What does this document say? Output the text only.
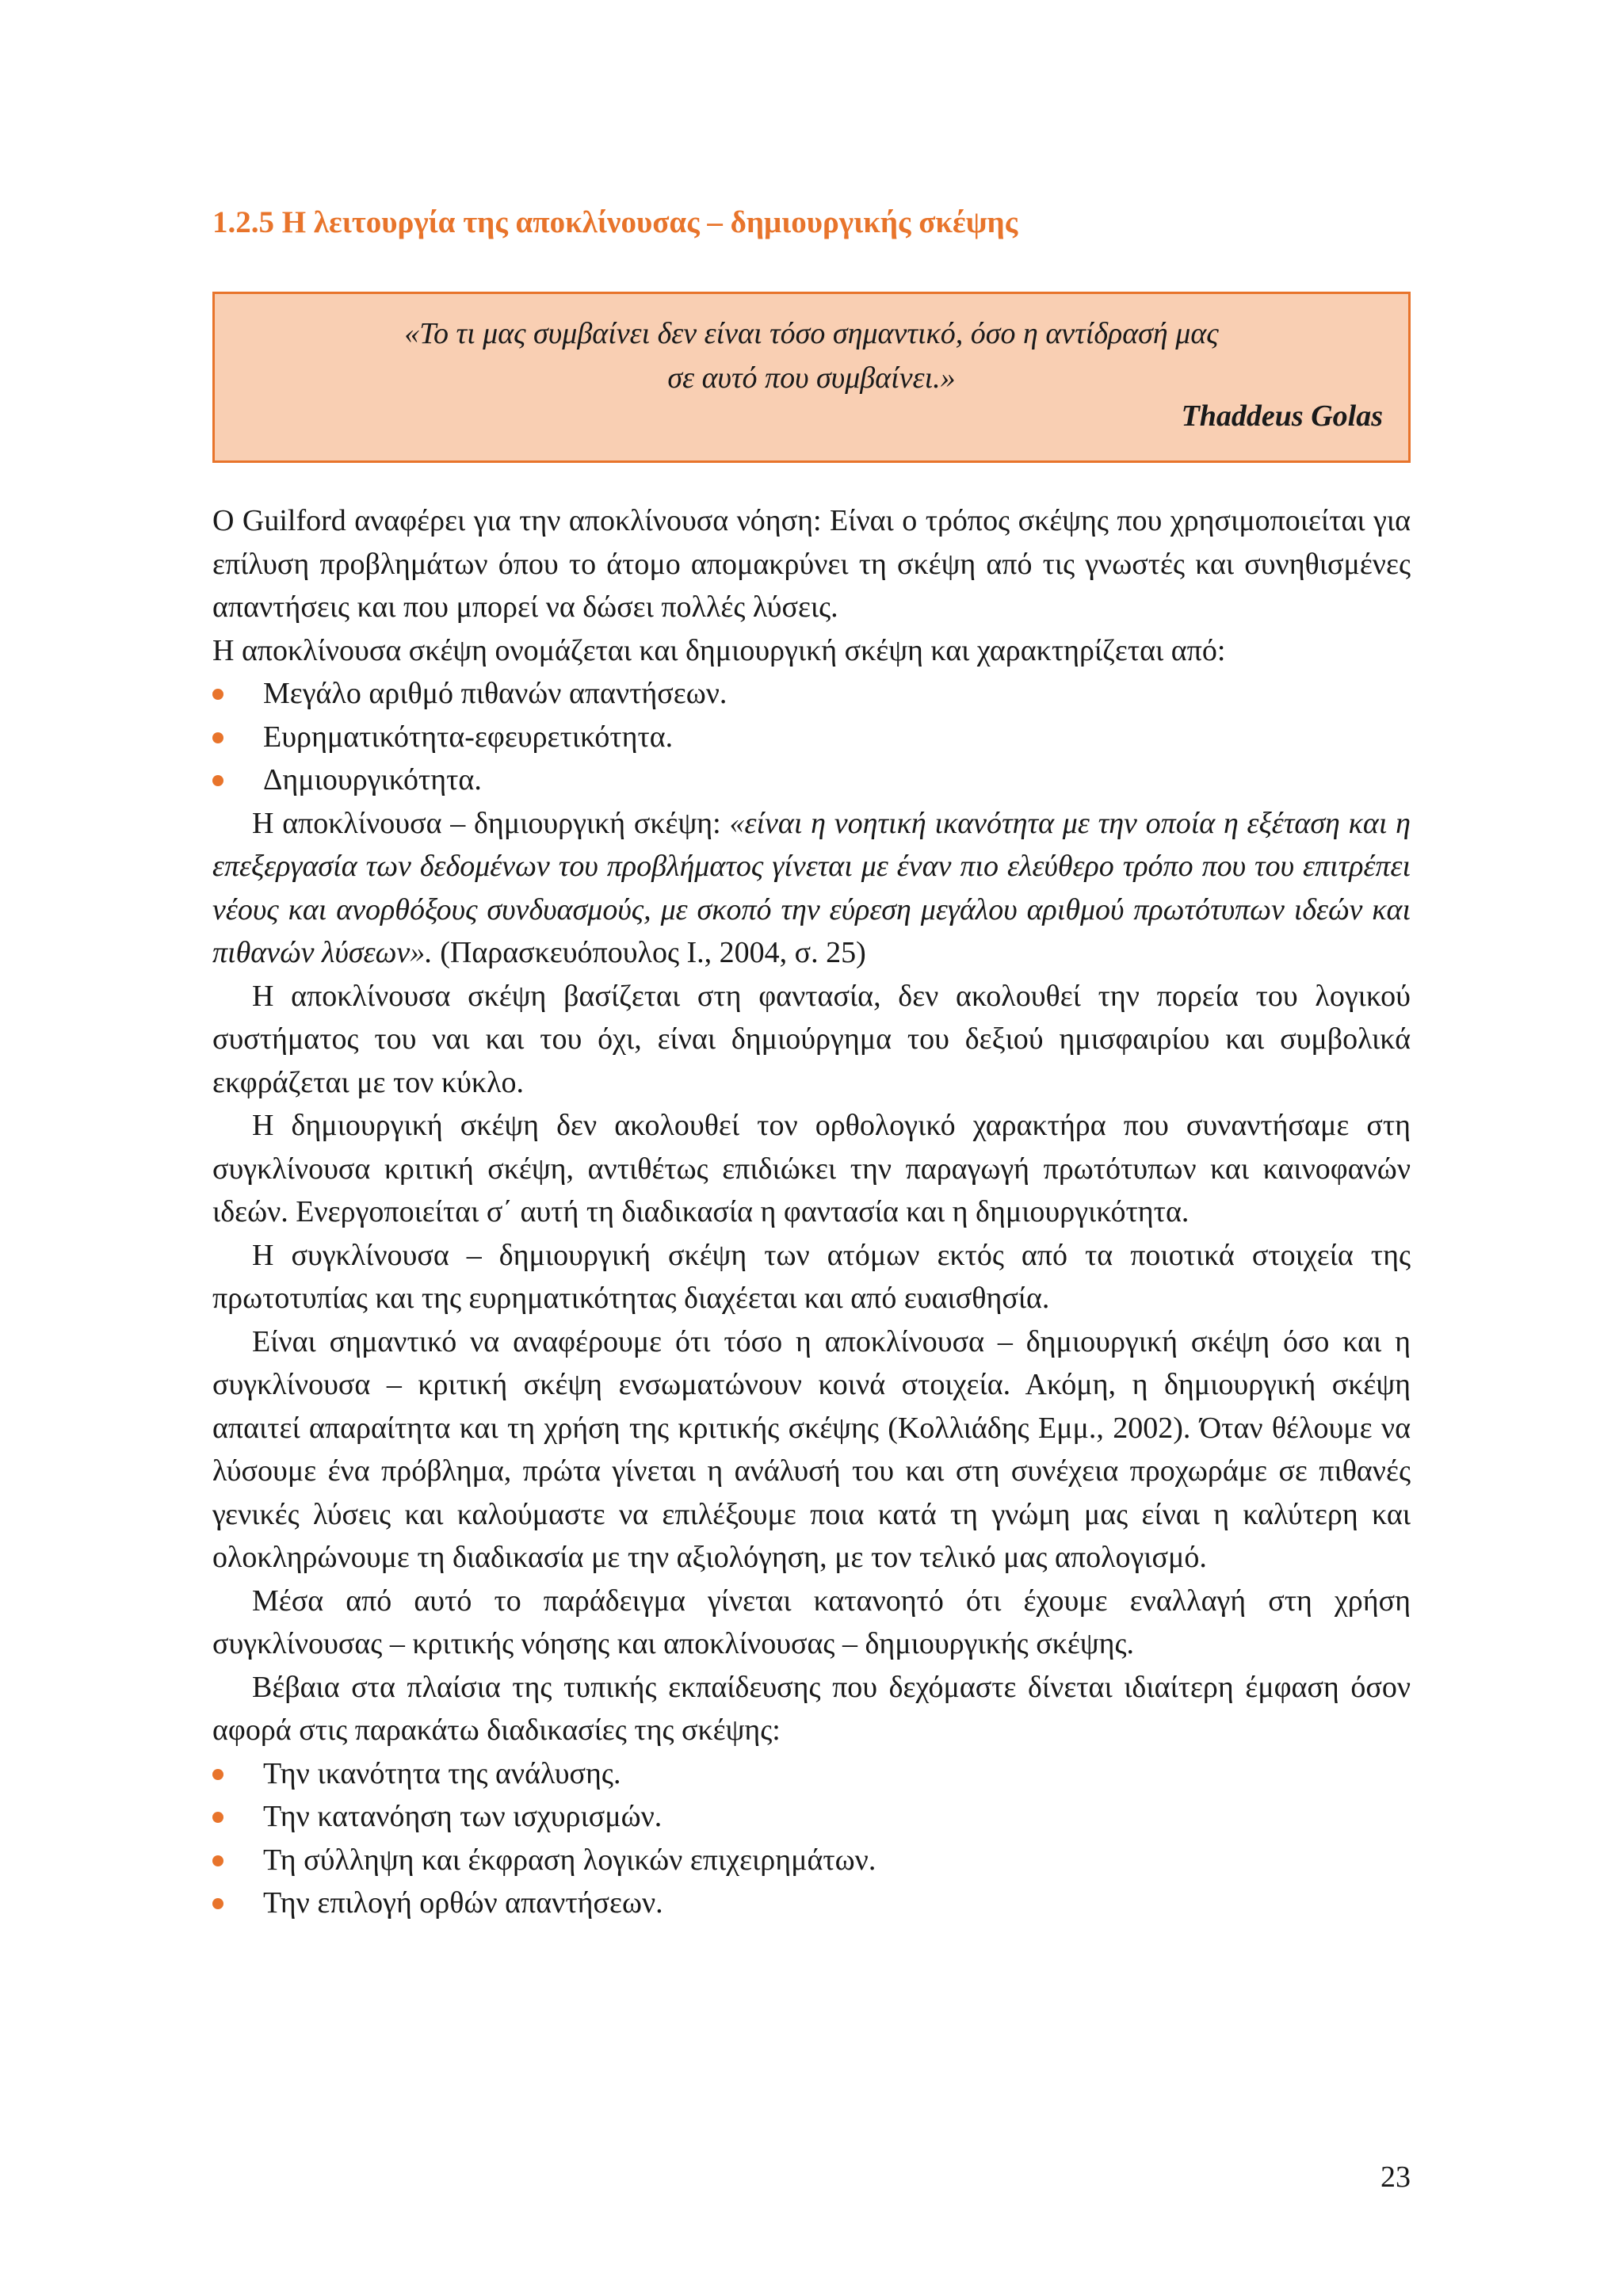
1.2.5 Η λειτουργία της αποκλίνουσας – δημιουργικής σκέψης
«Το τι μας συμβαίνει δεν είναι τόσο σημαντικό, όσο η αντίδρασή μας
σε αυτό που συμβαίνει.»
Thaddeus Golas

Ο Guilford αναφέρει για την αποκλίνουσα νόηση: Είναι ο τρόπος σκέψης που χρησιμοποιείται για επίλυση προβλημάτων όπου το άτομο απομακρύνει τη σκέψη από τις γνωστές και συνηθισμένες απαντήσεις και που μπορεί να δώσει πολλές λύσεις.

Η αποκλίνουσα σκέψη ονομάζεται και δημιουργική σκέψη και χαρακτηρίζεται από:

Μεγάλο αριθμό πιθανών απαντήσεων.
Ευρηματικότητα-εφευρετικότητα.
Δημιουργικότητα.

Η αποκλίνουσα – δημιουργική σκέψη: «είναι η νοητική ικανότητα με την οποία η εξέταση και η επεξεργασία των δεδομένων του προβλήματος γίνεται με έναν πιο ελεύθερο τρόπο που του επιτρέπει νέους και ανορθόξους συνδυασμούς, με σκοπό την εύρεση μεγάλου αριθμού πρωτότυπων ιδεών και πιθανών λύσεων». (Παρασκευόπουλος Ι., 2004, σ. 25)

Η αποκλίνουσα σκέψη βασίζεται στη φαντασία, δεν ακολουθεί την πορεία του λογικού συστήματος του ναι και του όχι, είναι δημιούργημα του δεξιού ημισφαιρίου και συμβολικά εκφράζεται με τον κύκλο.

Η δημιουργική σκέψη δεν ακολουθεί τον ορθολογικό χαρακτήρα που συναντήσαμε στη συγκλίνουσα κριτική σκέψη, αντιθέτως επιδιώκει την παραγωγή πρωτότυπων και καινοφανών ιδεών. Ενεργοποιείται σ΄ αυτή τη διαδικασία η φαντασία και η δημιουργικότητα.

Η συγκλίνουσα – δημιουργική σκέψη των ατόμων εκτός από τα ποιοτικά στοιχεία της πρωτοτυπίας και της ευρηματικότητας διαχέεται και από ευαισθησία.

Είναι σημαντικό να αναφέρουμε ότι τόσο η αποκλίνουσα – δημιουργική σκέψη όσο και η συγκλίνουσα – κριτική σκέψη ενσωματώνουν κοινά στοιχεία. Ακόμη, η δημιουργική σκέψη απαιτεί απαραίτητα και τη χρήση της κριτικής σκέψης (Κολλιάδης Εμμ., 2002). Όταν θέλουμε να λύσουμε ένα πρόβλημα, πρώτα γίνεται η ανάλυσή του και στη συνέχεια προχωράμε σε πιθανές γενικές λύσεις και καλούμαστε να επιλέξουμε ποια κατά τη γνώμη μας είναι η καλύτερη και ολοκληρώνουμε τη διαδικασία με την αξιολόγηση, με τον τελικό μας απολογισμό.

Μέσα από αυτό το παράδειγμα γίνεται κατανοητό ότι έχουμε εναλλαγή στη χρήση συγκλίνουσας – κριτικής νόησης και αποκλίνουσας – δημιουργικής σκέψης.

Βέβαια στα πλαίσια της τυπικής εκπαίδευσης που δεχόμαστε δίνεται ιδιαίτερη έμφαση όσον αφορά στις παρακάτω διαδικασίες της σκέψης:

Την ικανότητα της ανάλυσης.
Την κατανόηση των ισχυρισμών.
Τη σύλληψη και έκφραση λογικών επιχειρημάτων.
Την επιλογή ορθών απαντήσεων.
23
